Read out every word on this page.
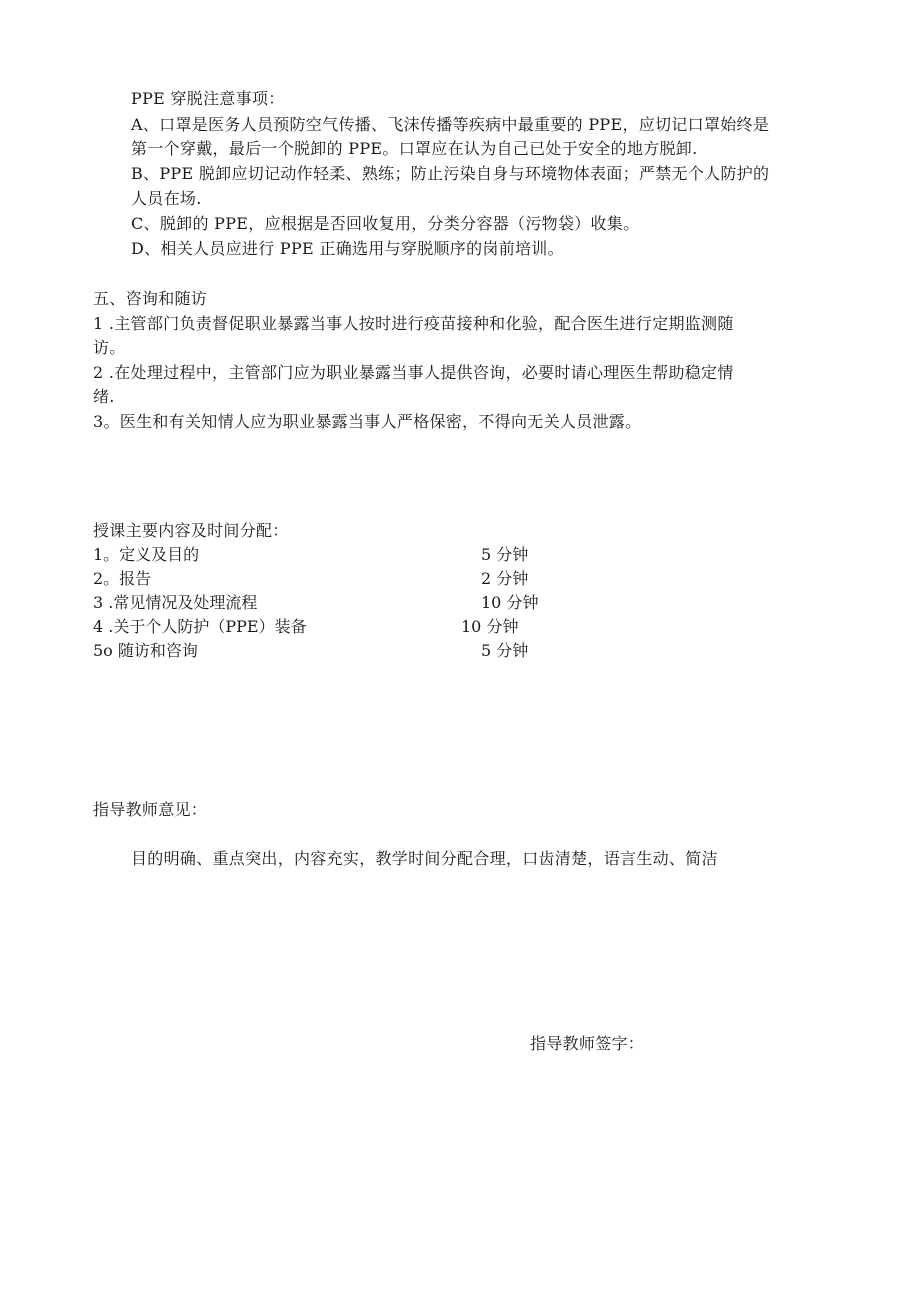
PPE 穿脱注意事项：
A、口罩是医务人员预防空气传播、飞沫传播等疾病中最重要的 PPE，应切记口罩始终是
第一个穿戴，最后一个脱卸的 PPE。口罩应在认为自己已处于安全的地方脱卸.
B、PPE 脱卸应切记动作轻柔、熟练；防止污染自身与环境物体表面；严禁无个人防护的
人员在场.
C、脱卸的 PPE，应根据是否回收复用，分类分容器（污物袋）收集。
D、相关人员应进行 PPE 正确选用与穿脱顺序的岗前培训。
五、咨询和随访
1 .主管部门负责督促职业暴露当事人按时进行疫苗接种和化验，配合医生进行定期监测随
访。
2 .在处理过程中，主管部门应为职业暴露当事人提供咨询，必要时请心理医生帮助稳定情
绪.
3。医生和有关知情人应为职业暴露当事人严格保密，不得向无关人员泄露。
授课主要内容及时间分配：
1。定义及目的	5 分钟
2。报告	2 分钟
3 .常见情况及处理流程	10 分钟
4 .关于个人防护（PPE）装备	10 分钟
5o 随访和咨询	5 分钟
指导教师意见：
目的明确、重点突出，内容充实，教学时间分配合理，口齿清楚，语言生动、简洁
指导教师签字：
